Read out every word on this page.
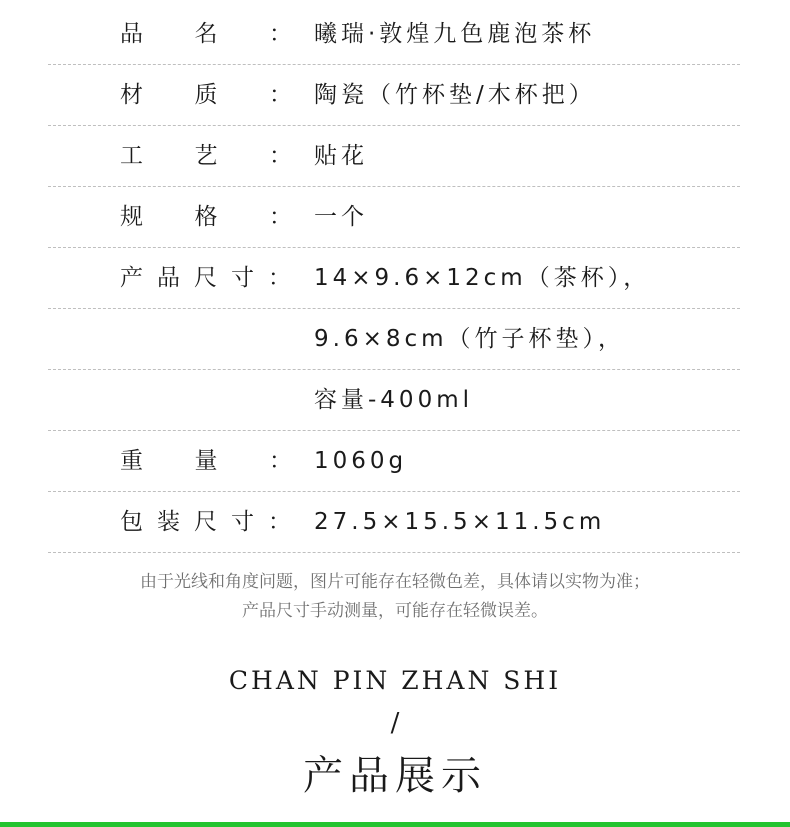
品 名 ： 曦瑞·敦煌九色鹿泡茶杯
材 质 ： 陶瓷（竹杯垫/木杯把）
工 艺 ： 贴花
规 格 ： 一个
产品尺寸： 14×9.6×12cm（茶杯），
9.6×8cm（竹子杯垫），
容量-400ml
重 量 ： 1060g
包装尺寸： 27.5×15.5×11.5cm
由于光线和角度问题，图片可能存在轻微色差，具体请以实物为准；
产品尺寸手动测量，可能存在轻微误差。
CHAN PIN ZHAN SHI
/
产品展示
